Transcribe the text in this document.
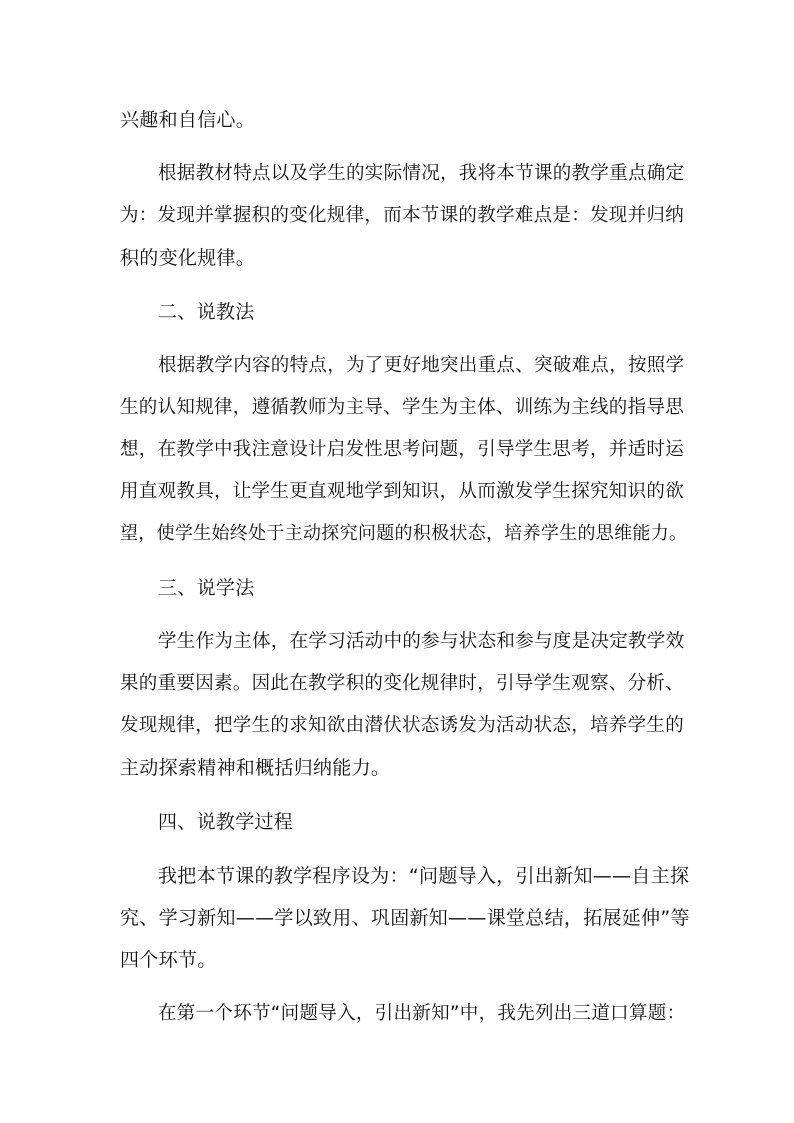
兴趣和自信心。
根据教材特点以及学生的实际情况，我将本节课的教学重点确定
为：发现并掌握积的变化规律，而本节课的教学难点是：发现并归纳
积的变化规律。
二、说教法
根据教学内容的特点，为了更好地突出重点、突破难点，按照学
生的认知规律，遵循教师为主导、学生为主体、训练为主线的指导思
想，在教学中我注意设计启发性思考问题，引导学生思考，并适时运
用直观教具，让学生更直观地学到知识，从而激发学生探究知识的欲
望，使学生始终处于主动探究问题的积极状态，培养学生的思维能力。
三、说学法
学生作为主体，在学习活动中的参与状态和参与度是决定教学效
果的重要因素。因此在教学积的变化规律时，引导学生观察、分析、
发现规律，把学生的求知欲由潜伏状态诱发为活动状态，培养学生的
主动探索精神和概括归纳能力。
四、说教学过程
我把本节课的教学程序设为：“问题导入，引出新知——自主探
究、学习新知——学以致用、巩固新知——课堂总结，拓展延伸”等
四个环节。
在第一个环节“问题导入，引出新知”中，我先列出三道口算题：
